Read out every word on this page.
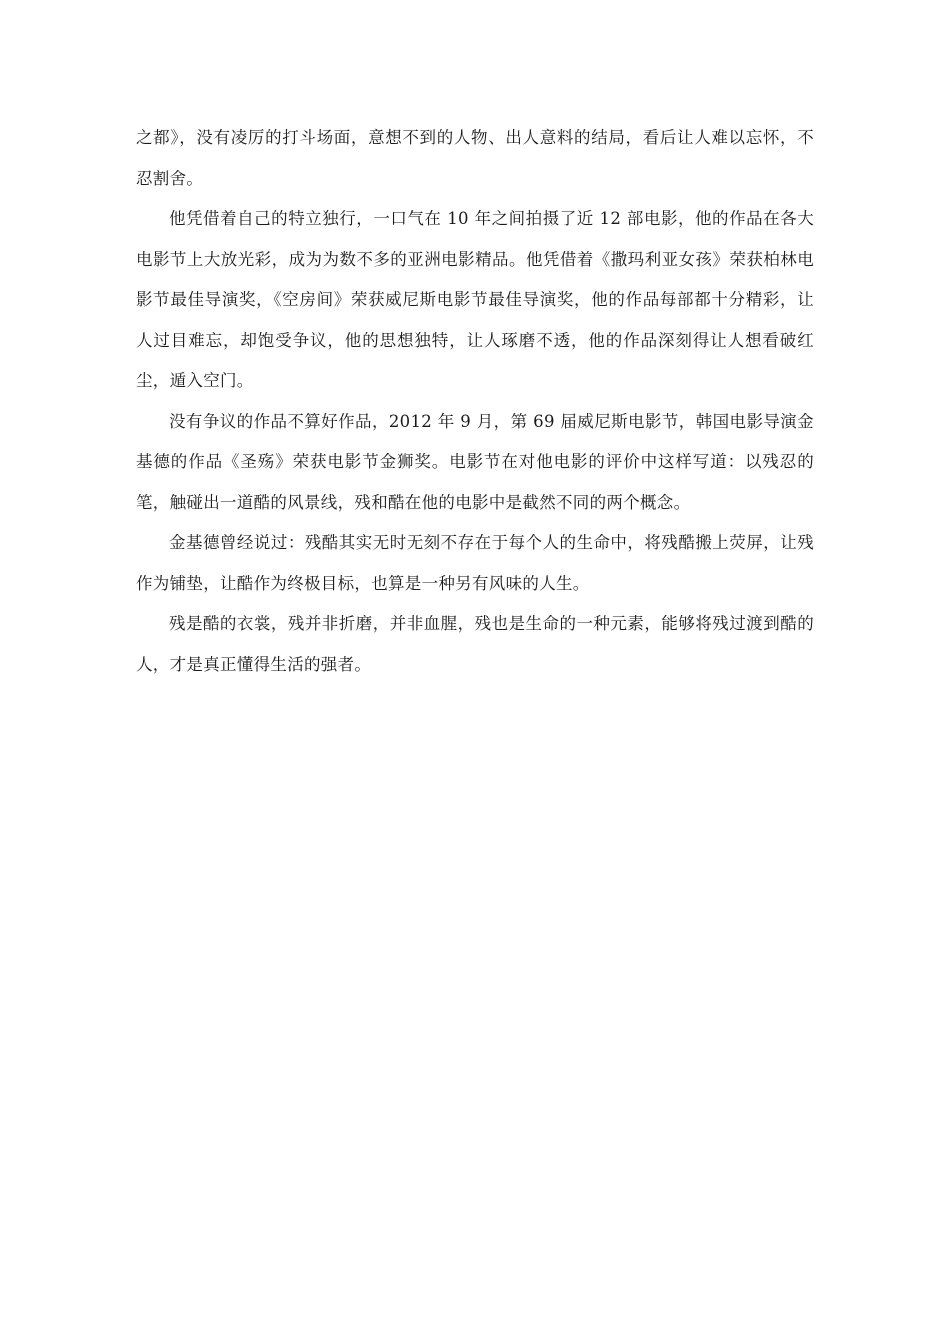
之都》，没有凌厉的打斗场面，意想不到的人物、出人意料的结局，看后让人难以忘怀，不忍割舍。

他凭借着自己的特立独行，一口气在 10 年之间拍摄了近 12 部电影，他的作品在各大电影节上大放光彩，成为为数不多的亚洲电影精品。他凭借着《撒玛利亚女孩》荣获柏林电影节最佳导演奖，《空房间》荣获威尼斯电影节最佳导演奖，他的作品每部都十分精彩，让人过目难忘，却饱受争议，他的思想独特，让人琢磨不透，他的作品深刻得让人想看破红尘，遁入空门。

没有争议的作品不算好作品，2012 年 9 月，第 69 届威尼斯电影节，韩国电影导演金基德的作品《圣殇》荣获电影节金狮奖。电影节在对他电影的评价中这样写道：以残忍的笔，触碰出一道酷的风景线，残和酷在他的电影中是截然不同的两个概念。

金基德曾经说过：残酷其实无时无刻不存在于每个人的生命中，将残酷搬上荧屏，让残作为铺垫，让酷作为终极目标，也算是一种另有风味的人生。

残是酷的衣裳，残并非折磨，并非血腥，残也是生命的一种元素，能够将残过渡到酷的人，才是真正懂得生活的强者。
